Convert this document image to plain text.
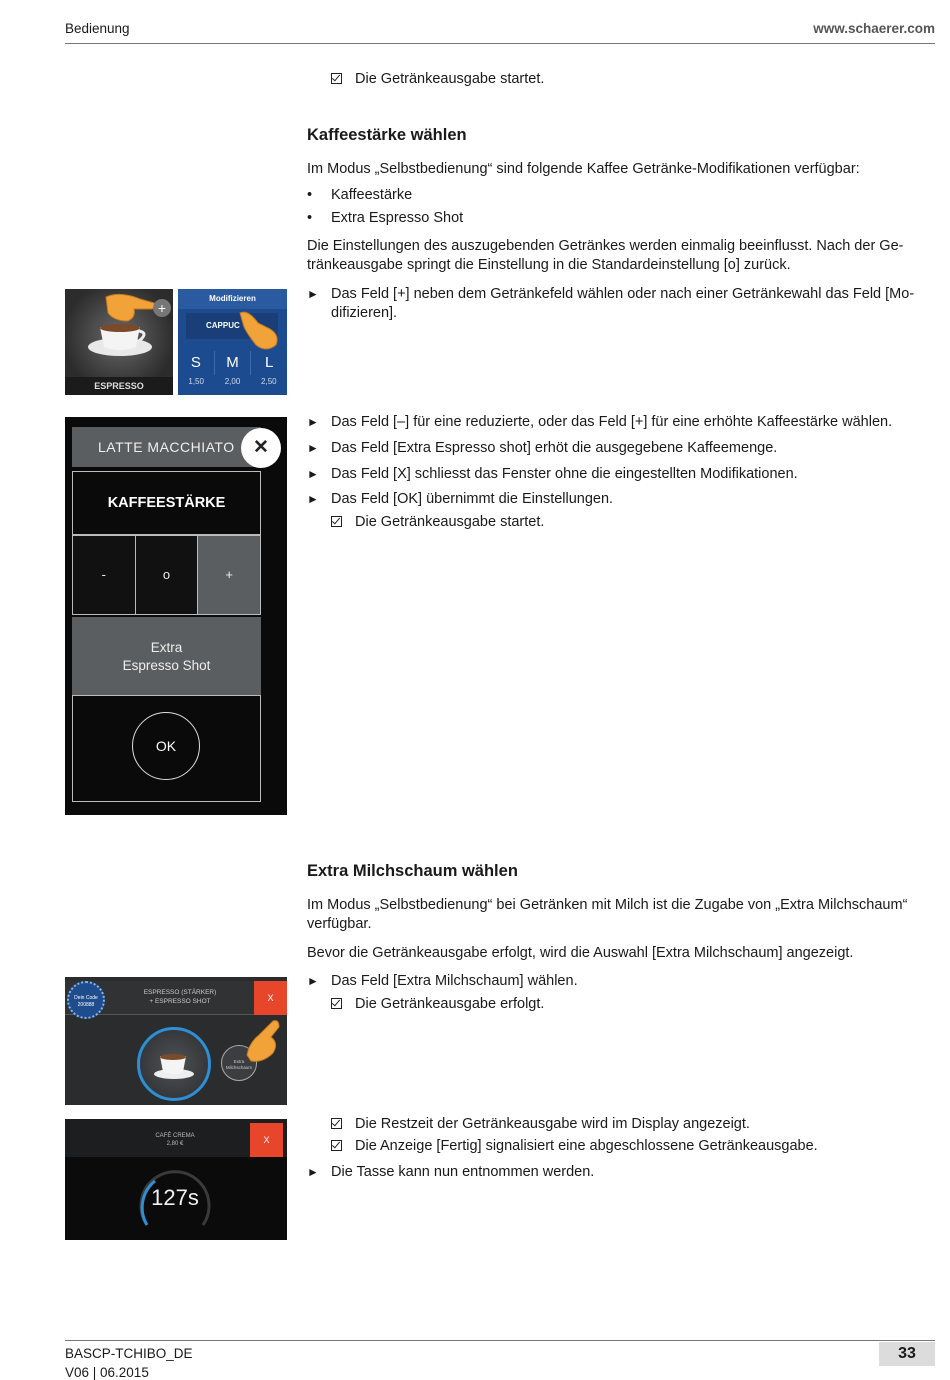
Bedienung	www.schaerer.com
Die Getränkeausgabe startet.
Kaffeestärke wählen
Im Modus „Selbstbedienung“ sind folgende Kaffee Getränke-Modifikationen verfügbar:
• Kaffeestärke
• Extra Espresso Shot
Die Einstellungen des auszugebenden Getränkes werden einmalig beeinflusst. Nach der Ge-
tränkeausgabe springt die Einstellung in die Standardeinstellung [o] zurück.
► Das Feld [+] neben dem Getränkefeld wählen oder nach einer Getränkewahl das Feld [Mo-
difizieren].
► Das Feld [–] für eine reduzierte, oder das Feld [+] für eine erhöhte Kaffeestärke wählen.
► Das Feld [Extra Espresso shot] erhöt die ausgegebene Kaffeemenge.
► Das Feld [X] schliesst das Fenster ohne die eingestellten Modifikationen.
► Das Feld [OK] übernimmt die Einstellungen.
Die Getränkeausgabe startet.
+
ESPRESSO
Modifizieren
CAPPUC
S	M	L
1,50	2,00	2,50
LATTE MACCHIATO ✕
KAFFEESTÄRKE
-	o	+
Extra
Espresso Shot
OK
Extra Milchschaum wählen
Im Modus „Selbstbedienung“ bei Getränken mit Milch ist die Zugabe von „Extra Milchschaum“
verfügbar.
Bevor die Getränkeausgabe erfolgt, wird die Auswahl [Extra Milchschaum] angezeigt.
► Das Feld [Extra Milchschaum] wählen.
Die Getränkeausgabe erfolgt.
Dein Code
200888
ESPRESSO (STÄRKER)
+ ESPRESSO SHOT	X
Extra
Milchschaum
CAFÉ CREMA
2,80 €	X
127s
Die Restzeit der Getränkeausgabe wird im Display angezeigt.
Die Anzeige [Fertig] signalisiert eine abgeschlossene Getränkeausgabe.
► Die Tasse kann nun entnommen werden.
BASCP-TCHIBO_DE
V06 | 06.2015
33
